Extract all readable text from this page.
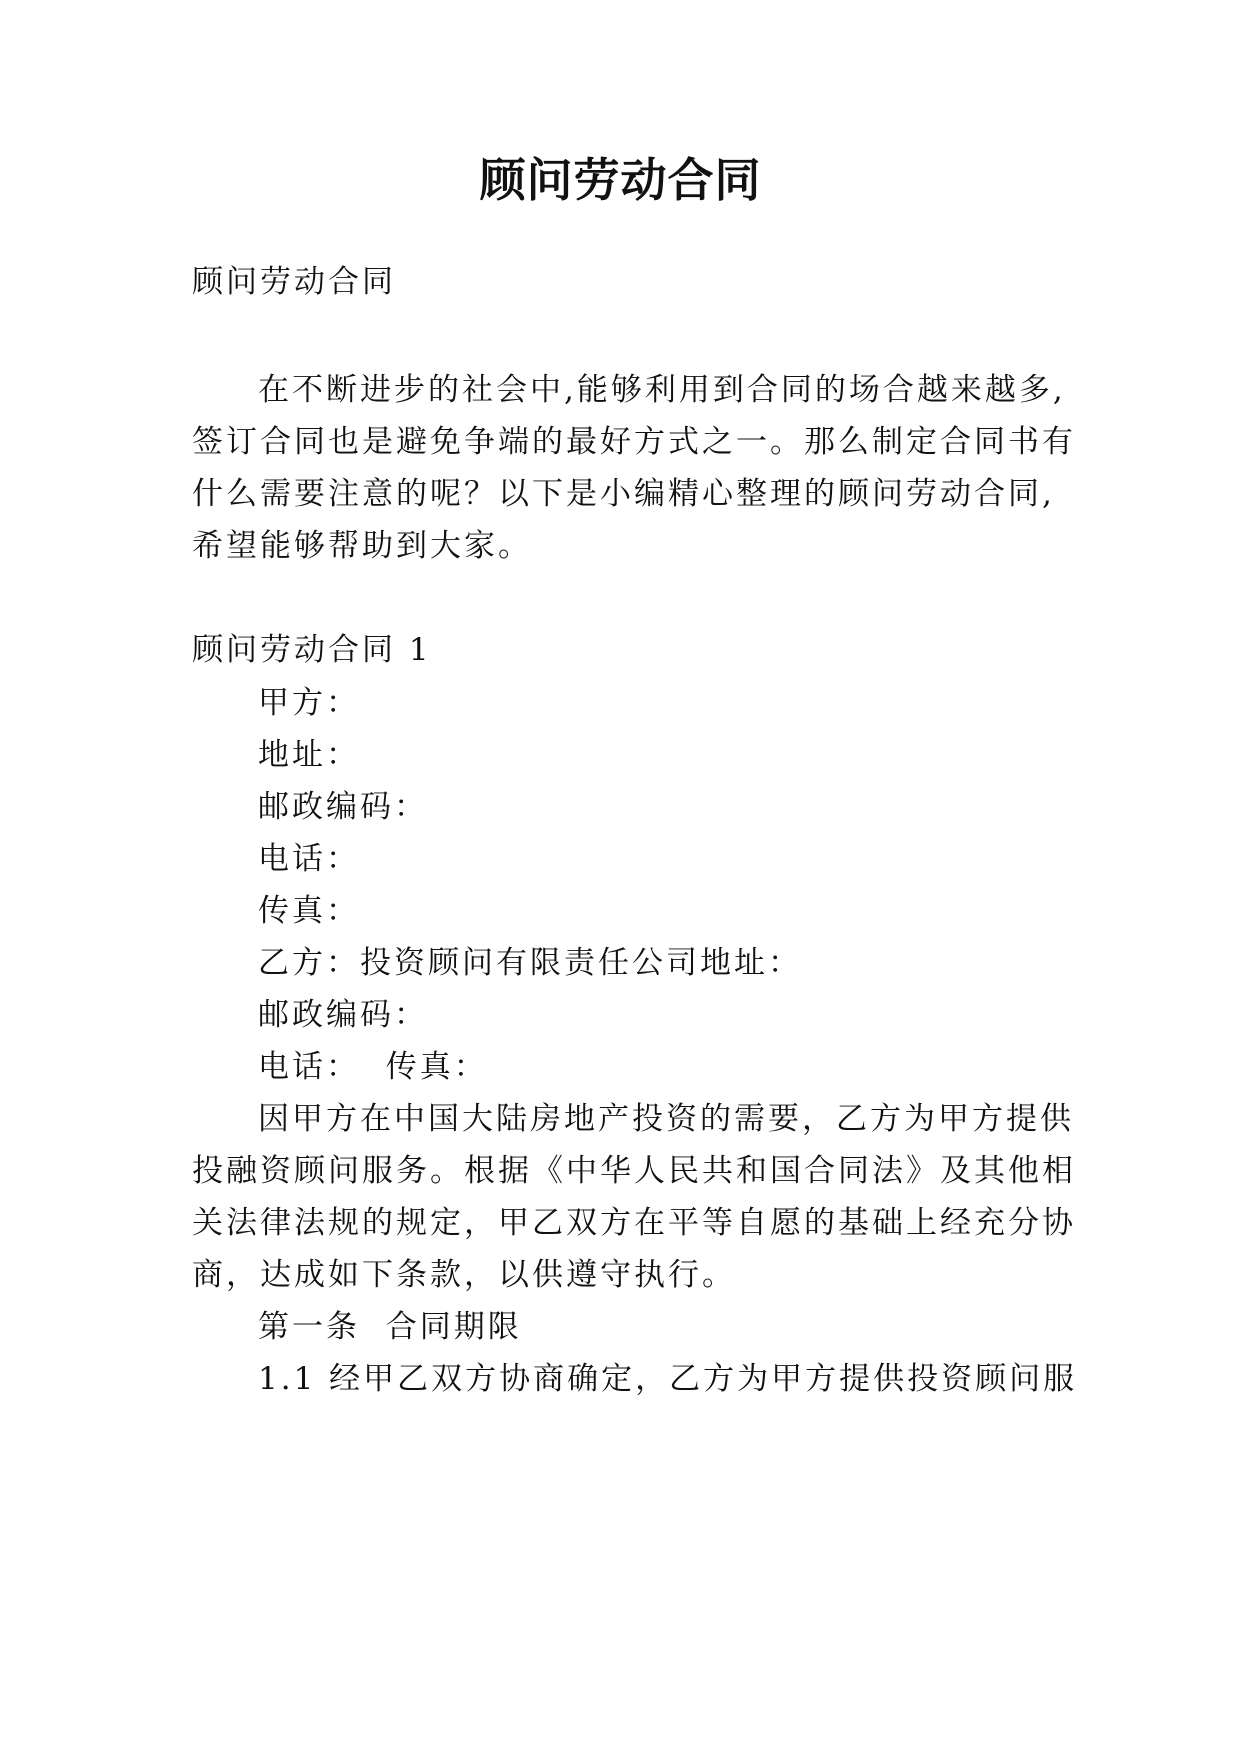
顾问劳动合同
顾问劳动合同
在不断进步的社会中,能够利用到合同的场合越来越多,
签订合同也是避免争端的最好方式之一。那么制定合同书有
什么需要注意的呢？以下是小编精心整理的顾问劳动合同,
希望能够帮助到大家。
顾问劳动合同 1
甲方：
地址：
邮政编码：
电话：
传真：
乙方：投资顾问有限责任公司地址：
邮政编码：
电话：  传真：
因甲方在中国大陆房地产投资的需要，乙方为甲方提供
投融资顾问服务。根据《中华人民共和国合同法》及其他相
关法律法规的规定，甲乙双方在平等自愿的基础上经充分协
商，达成如下条款，以供遵守执行。
第一条  合同期限
1.1 经甲乙双方协商确定，乙方为甲方提供投资顾问服
